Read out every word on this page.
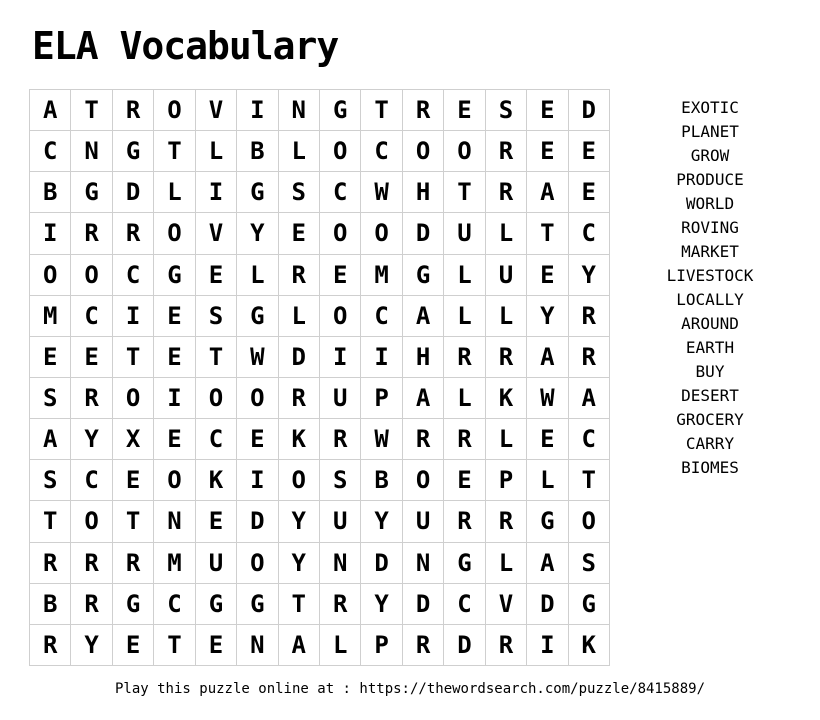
ELA Vocabulary
A	T	R	O	V	I	N	G	T	R	E	S	E	D
C	N	G	T	L	B	L	O	C	O	O	R	E	E
B	G	D	L	I	G	S	C	W	H	T	R	A	E
I	R	R	O	V	Y	E	O	O	D	U	L	T	C
O	O	C	G	E	L	R	E	M	G	L	U	E	Y
M	C	I	E	S	G	L	O	C	A	L	L	Y	R
E	E	T	E	T	W	D	I	I	H	R	R	A	R
S	R	O	I	O	O	R	U	P	A	L	K	W	A
A	Y	X	E	C	E	K	R	W	R	R	L	E	C
S	C	E	O	K	I	O	S	B	O	E	P	L	T
T	O	T	N	E	D	Y	U	Y	U	R	R	G	O
R	R	R	M	U	O	Y	N	D	N	G	L	A	S
B	R	G	C	G	G	T	R	Y	D	C	V	D	G
R	Y	E	T	E	N	A	L	P	R	D	R	I	K
EXOTIC
PLANET
GROW
PRODUCE
WORLD
ROVING
MARKET
LIVESTOCK
LOCALLY
AROUND
EARTH
BUY
DESERT
GROCERY
CARRY
BIOMES
Play this puzzle online at : https://thewordsearch.com/puzzle/8415889/
